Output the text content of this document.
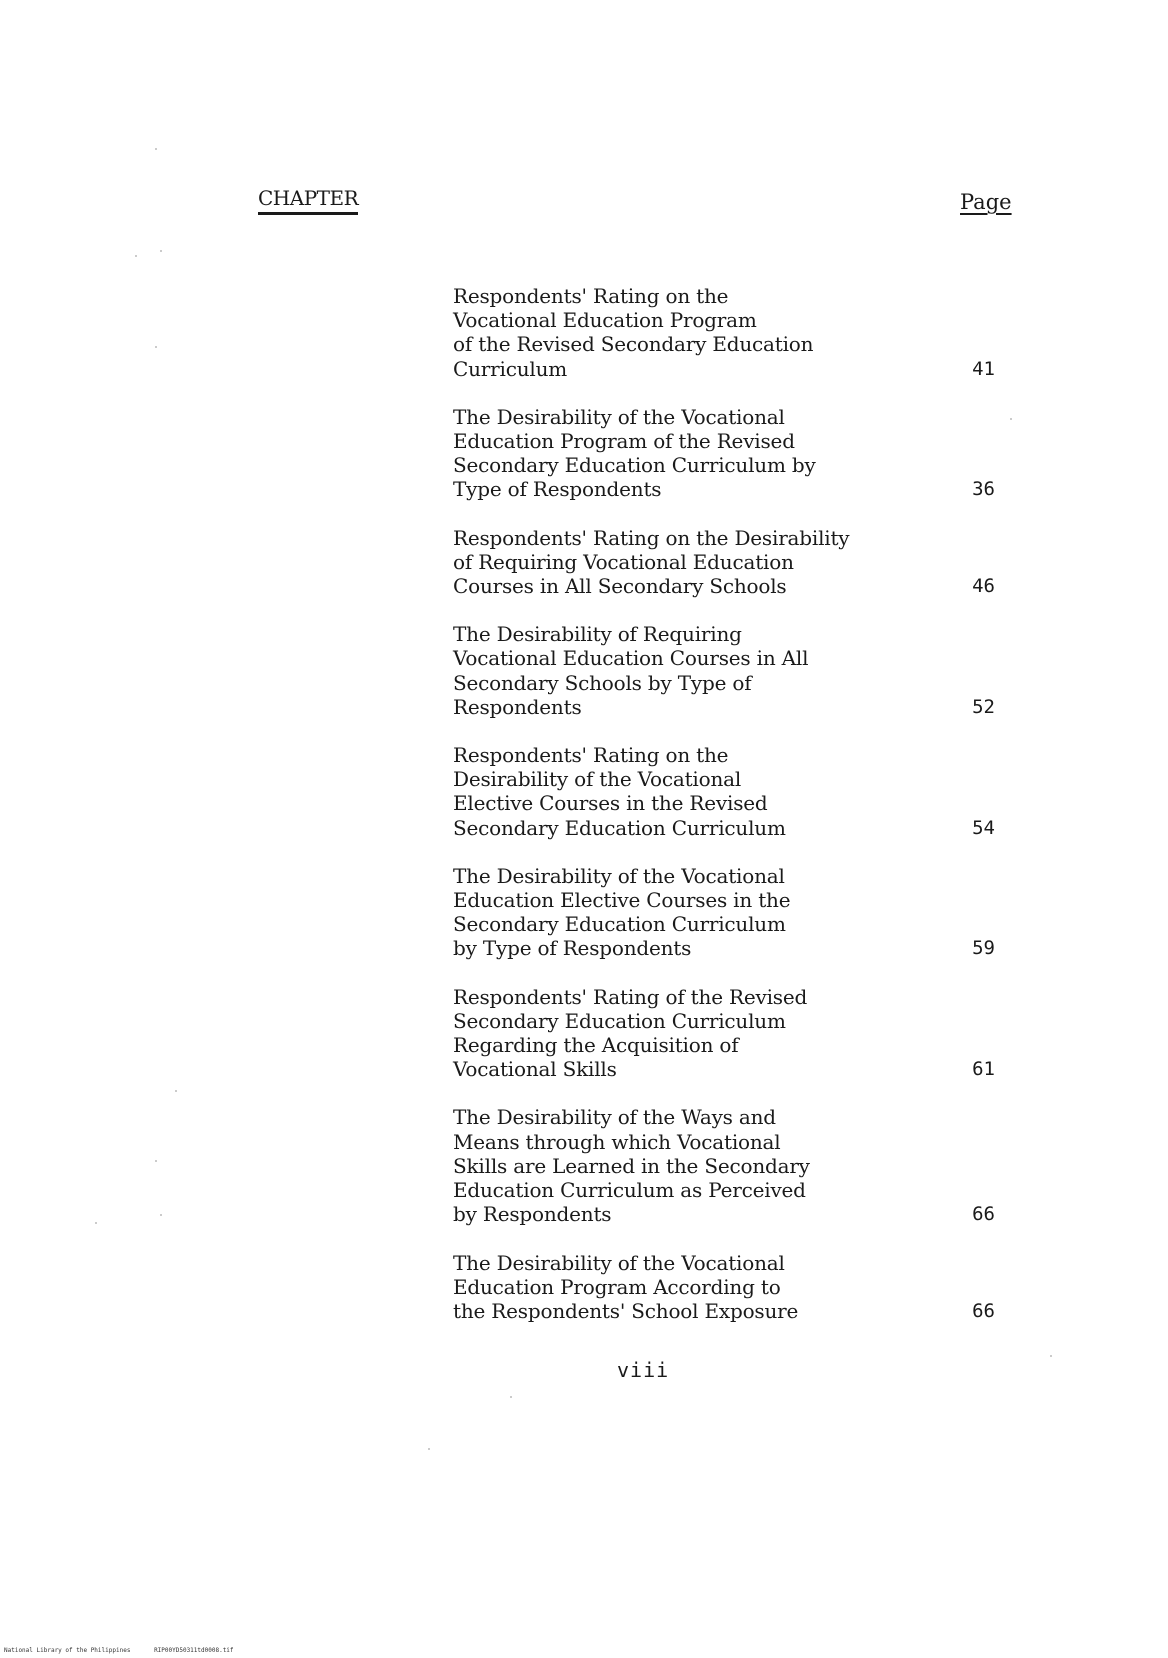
CHAPTER	Page
Respondents' Rating on the
Vocational Education Program
of the Revised Secondary Education
Curriculum	41
The Desirability of the Vocational
Education Program of the Revised
Secondary Education Curriculum by
Type of Respondents	36
Respondents' Rating on the Desirability
of Requiring Vocational Education
Courses in All Secondary Schools	46
The Desirability of Requiring
Vocational Education Courses in All
Secondary Schools by Type of
Respondents	52
Respondents' Rating on the
Desirability of the Vocational
Elective Courses in the Revised
Secondary Education Curriculum	54
The Desirability of the Vocational
Education Elective Courses in the
Secondary Education Curriculum
by Type of Respondents	59
Respondents' Rating of the Revised
Secondary Education Curriculum
Regarding the Acquisition of
Vocational Skills	61
The Desirability of the Ways and
Means through which Vocational
Skills are Learned in the Secondary
Education Curriculum as Perceived
by Respondents	66
The Desirability of the Vocational
Education Program According to
the Respondents' School Exposure	66
viii
National Library of the Philippines	RIP00YD50311td0008.tif
